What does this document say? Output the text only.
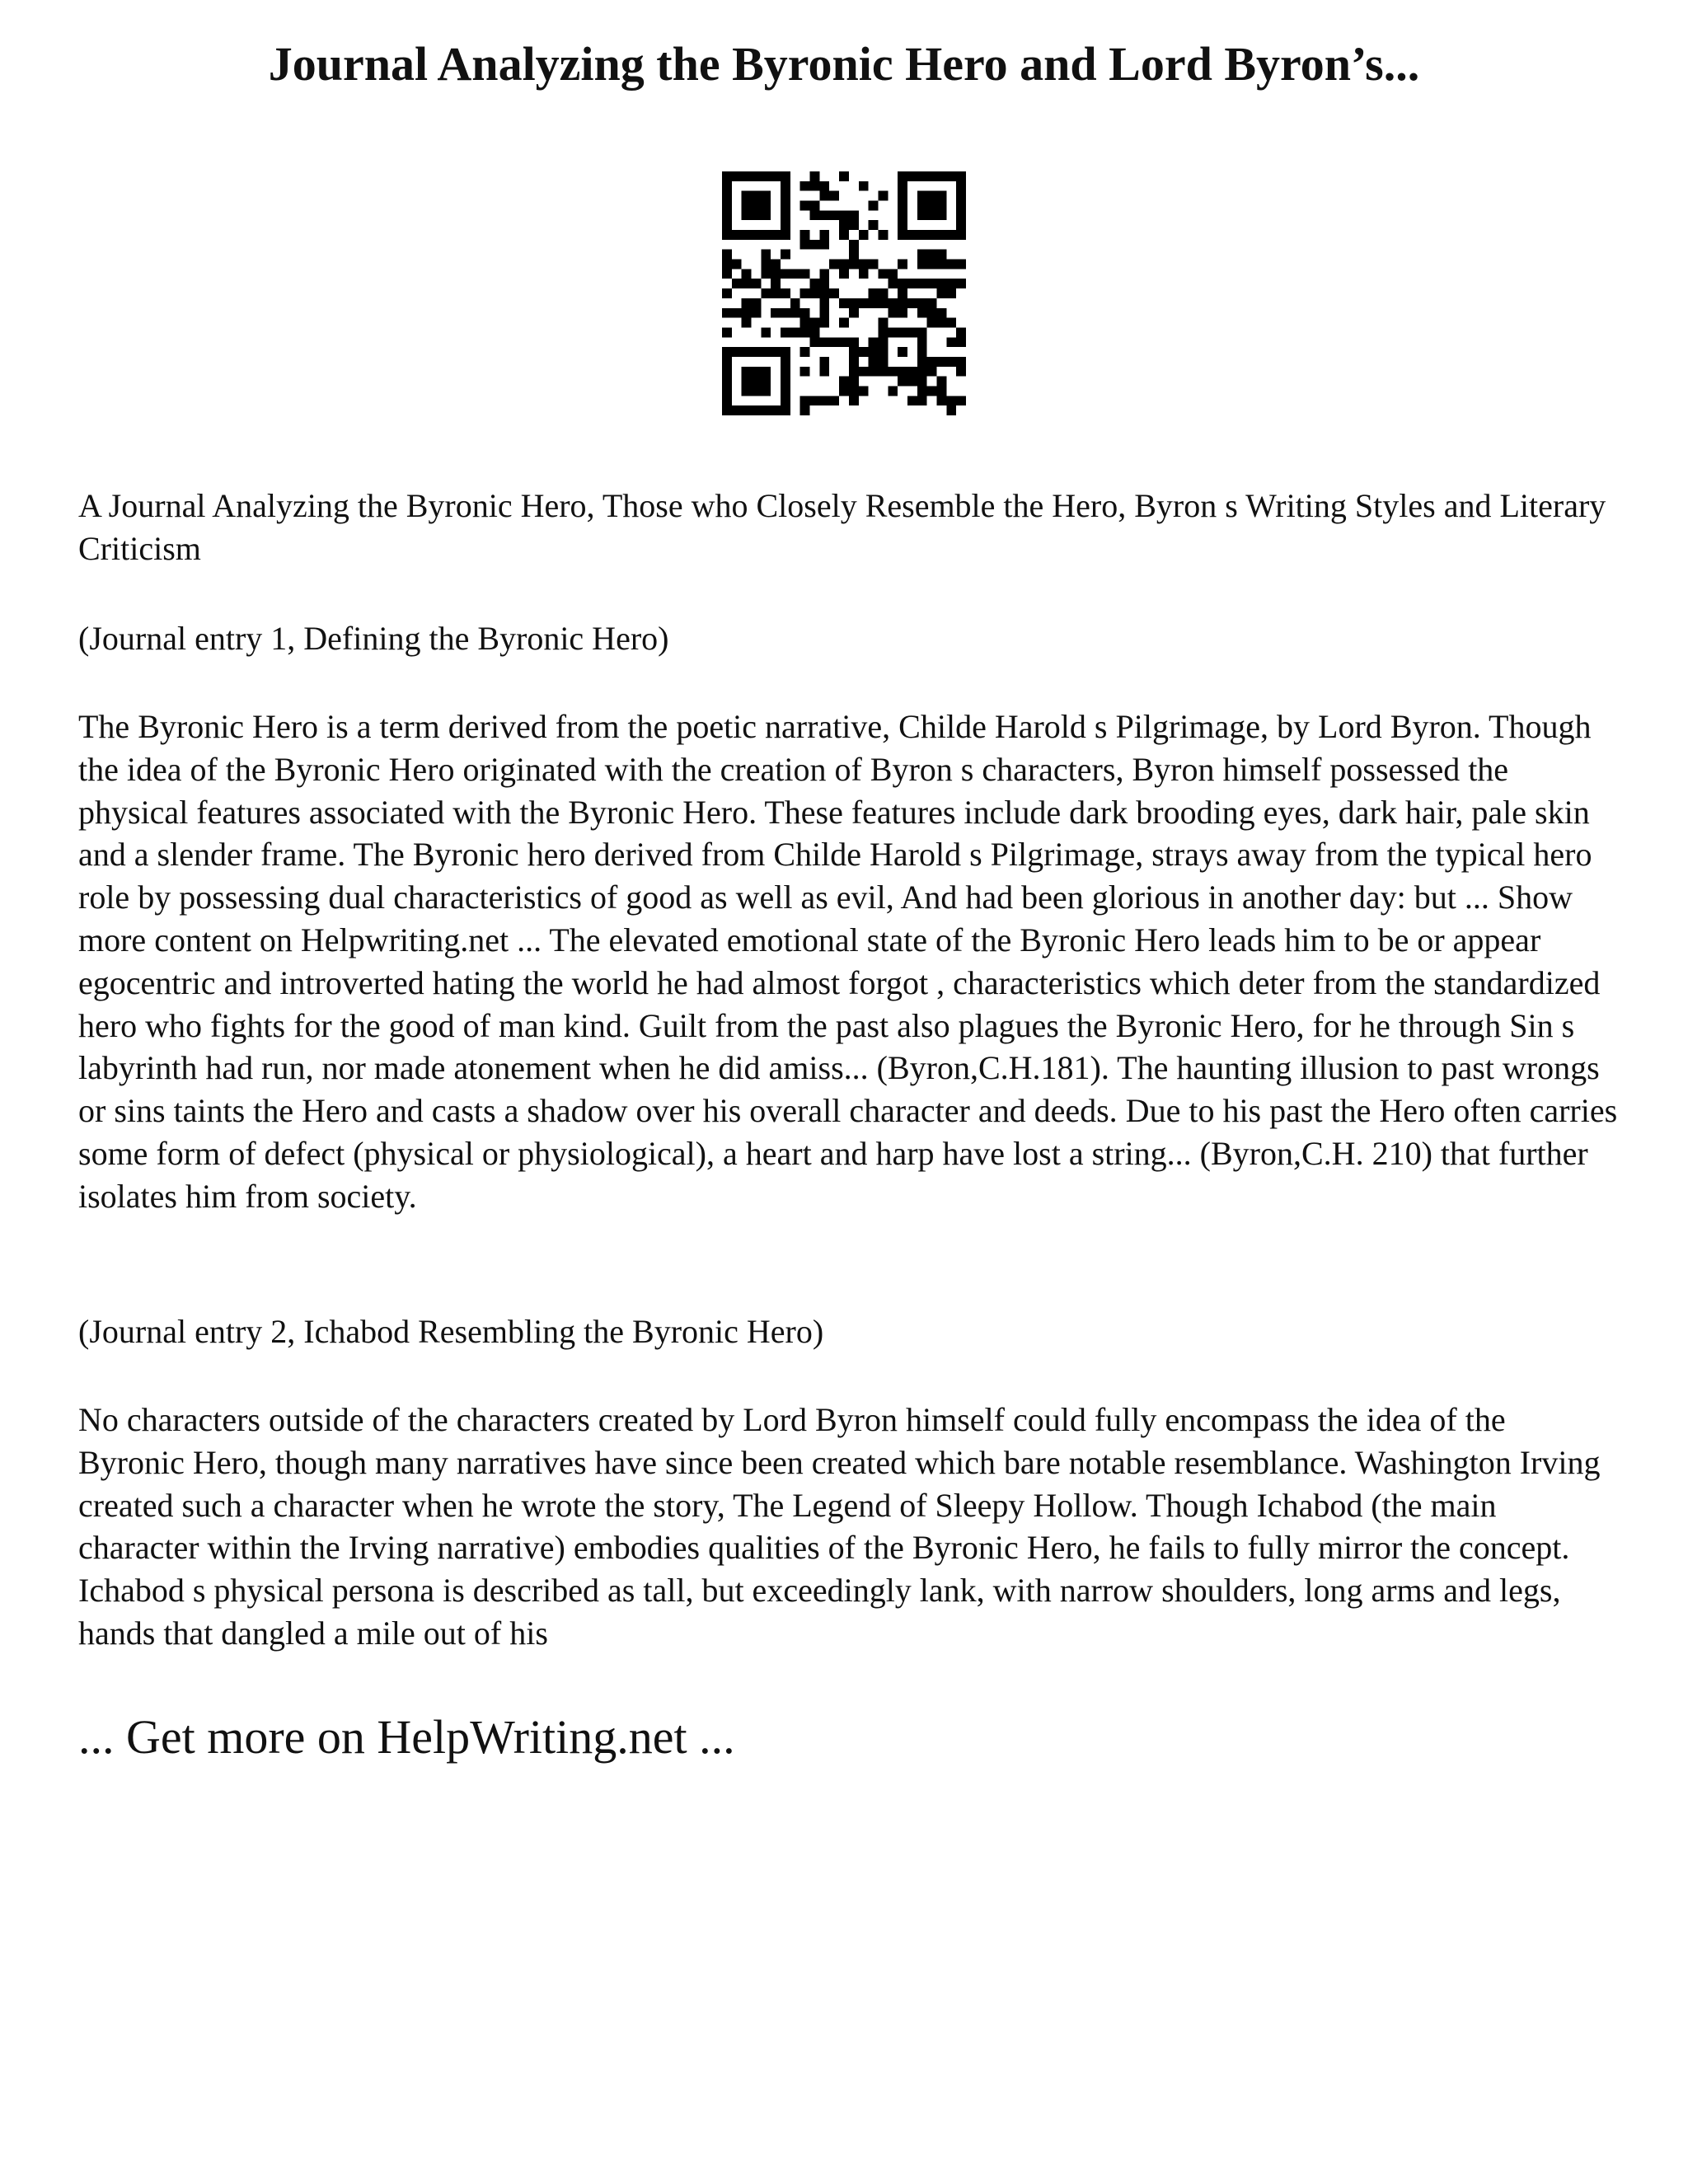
Journal Analyzing the Byronic Hero and Lord Byron’s...

A Journal Analyzing the Byronic Hero, Those who Closely Resemble the Hero, Byron s Writing Styles and Literary Criticism

(Journal entry 1, Defining the Byronic Hero)

The Byronic Hero is a term derived from the poetic narrative, Childe Harold s Pilgrimage, by Lord Byron. Though the idea of the Byronic Hero originated with the creation of Byron s characters, Byron himself possessed the physical features associated with the Byronic Hero. These features include dark brooding eyes, dark hair, pale skin and a slender frame. The Byronic hero derived from Childe Harold s Pilgrimage, strays away from the typical hero role by possessing dual characteristics of good as well as evil, And had been glorious in another day: but ... Show more content on Helpwriting.net ... The elevated emotional state of the Byronic Hero leads him to be or appear egocentric and introverted hating the world he had almost forgot , characteristics which deter from the standardized hero who fights for the good of man kind. Guilt from the past also plagues the Byronic Hero, for he through Sin s labyrinth had run, nor made atonement when he did amiss... (Byron,C.H.181). The haunting illusion to past wrongs or sins taints the Hero and casts a shadow over his overall character and deeds. Due to his past the Hero often carries some form of defect (physical or physiological), a heart and harp have lost a string... (Byron,C.H. 210) that further isolates him from society.

(Journal entry 2, Ichabod Resembling the Byronic Hero)

No characters outside of the characters created by Lord Byron himself could fully encompass the idea of the Byronic Hero, though many narratives have since been created which bare notable resemblance. Washington Irving created such a character when he wrote the story, The Legend of Sleepy Hollow. Though Ichabod (the main character within the Irving narrative) embodies qualities of the Byronic Hero, he fails to fully mirror the concept. Ichabod s physical persona is described as tall, but exceedingly lank, with narrow shoulders, long arms and legs, hands that dangled a mile out of his

... Get more on HelpWriting.net ...
